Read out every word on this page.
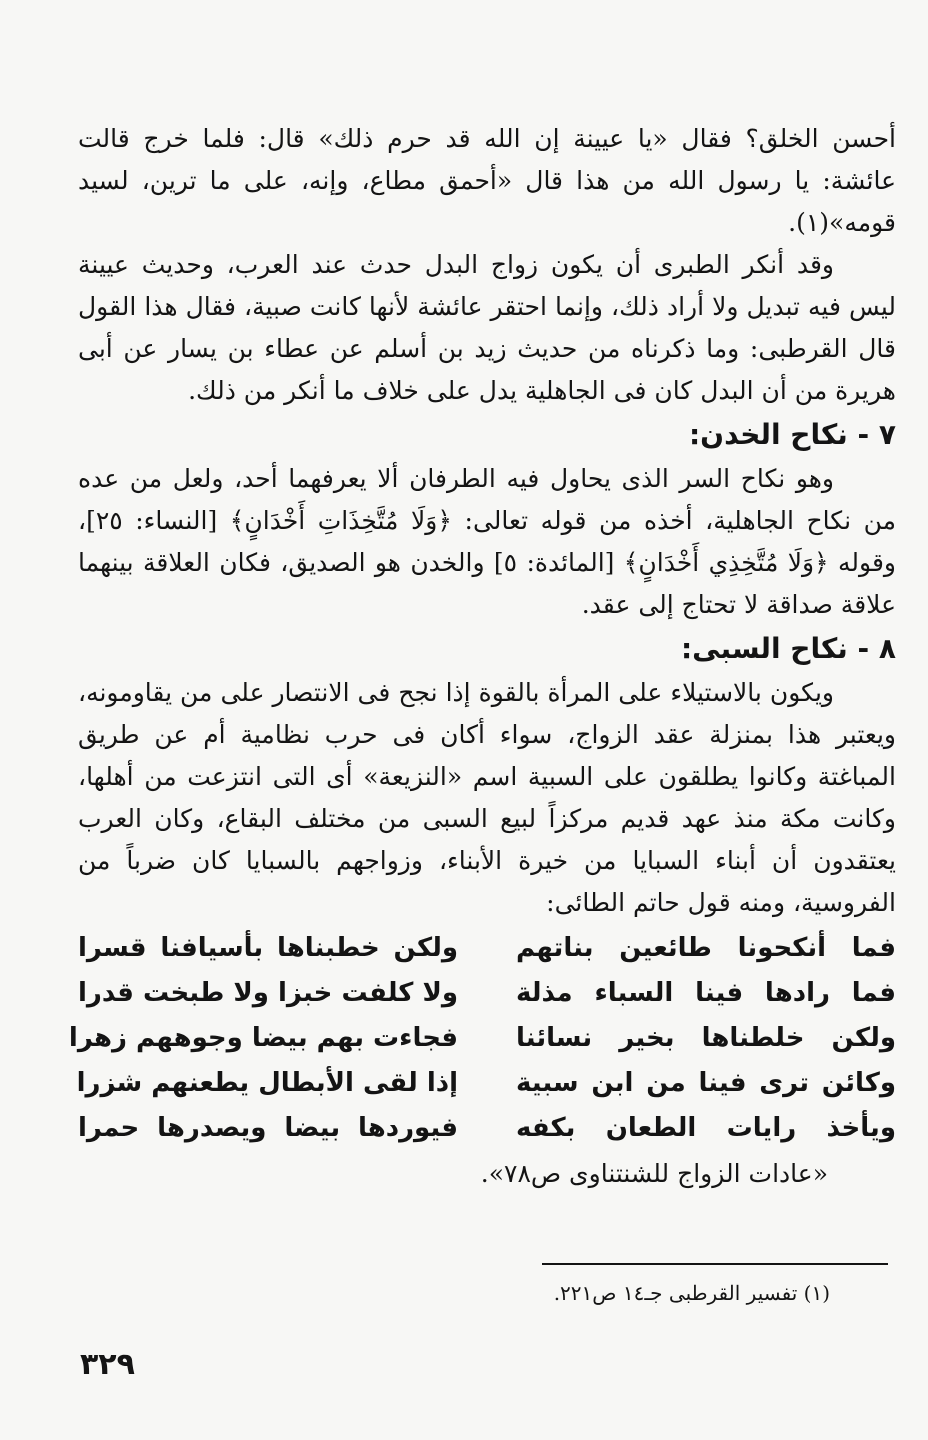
أحسن الخلق؟ فقال «يا عيينة إن الله قد حرم ذلك» قال: فلما خرج قالت عائشة: يا رسول الله من هذا قال «أحمق مطاع، وإنه، على ما ترين، لسيد قومه»(١).

وقد أنكر الطبرى أن يكون زواج البدل حدث عند العرب، وحديث عيينة ليس فيه تبديل ولا أراد ذلك، وإنما احتقر عائشة لأنها كانت صبية، فقال هذا القول قال القرطبى: وما ذكرناه من حديث زيد بن أسلم عن عطاء بن يسار عن أبى هريرة من أن البدل كان فى الجاهلية يدل على خلاف ما أنكر من ذلك.

٧ - نكاح الخدن:

وهو نكاح السر الذى يحاول فيه الطرفان ألا يعرفهما أحد، ولعل من عده من نكاح الجاهلية، أخذه من قوله تعالى: ﴿وَلَا مُتَّخِذَاتِ أَخْدَانٍ﴾ [النساء: ٢٥]، وقوله ﴿وَلَا مُتَّخِذِي أَخْدَانٍ﴾ [المائدة: ٥] والخدن هو الصديق، فكان العلاقة بينهما علاقة صداقة لا تحتاج إلى عقد.

٨ - نكاح السبى:

ويكون بالاستيلاء على المرأة بالقوة إذا نجح فى الانتصار على من يقاومونه، ويعتبر هذا بمنزلة عقد الزواج، سواء أكان فى حرب نظامية أم عن طريق المباغتة وكانوا يطلقون على السبية اسم «النزيعة» أى التى انتزعت من أهلها، وكانت مكة منذ عهد قديم مركزاً لبيع السبى من مختلف البقاع، وكان العرب يعتقدون أن أبناء السبايا من خيرة الأبناء، وزواجهم بالسبايا كان ضرباً من الفروسية، ومنه قول حاتم الطائى:

فما أنكحونا طائعين بناتهم
ولكن خطبناها بأسيافنا قسرا
فما رادها فينا السباء مذلة
ولا كلفت خبزا ولا طبخت قدرا
ولكن خلطناها بخير نسائنا
فجاءت بهم بيضا وجوههم زهرا
وكائن ترى فينا من ابن سبية
إذا لقى الأبطال يطعنهم شزرا
ويأخذ رايات الطعان بكفه
فيوردها بيضا ويصدرها حمرا

«عادات الزواج للشنتناوى ص٧٨».

(١) تفسير القرطبى جـ١٤ ص٢٢١.

٣٢٩
